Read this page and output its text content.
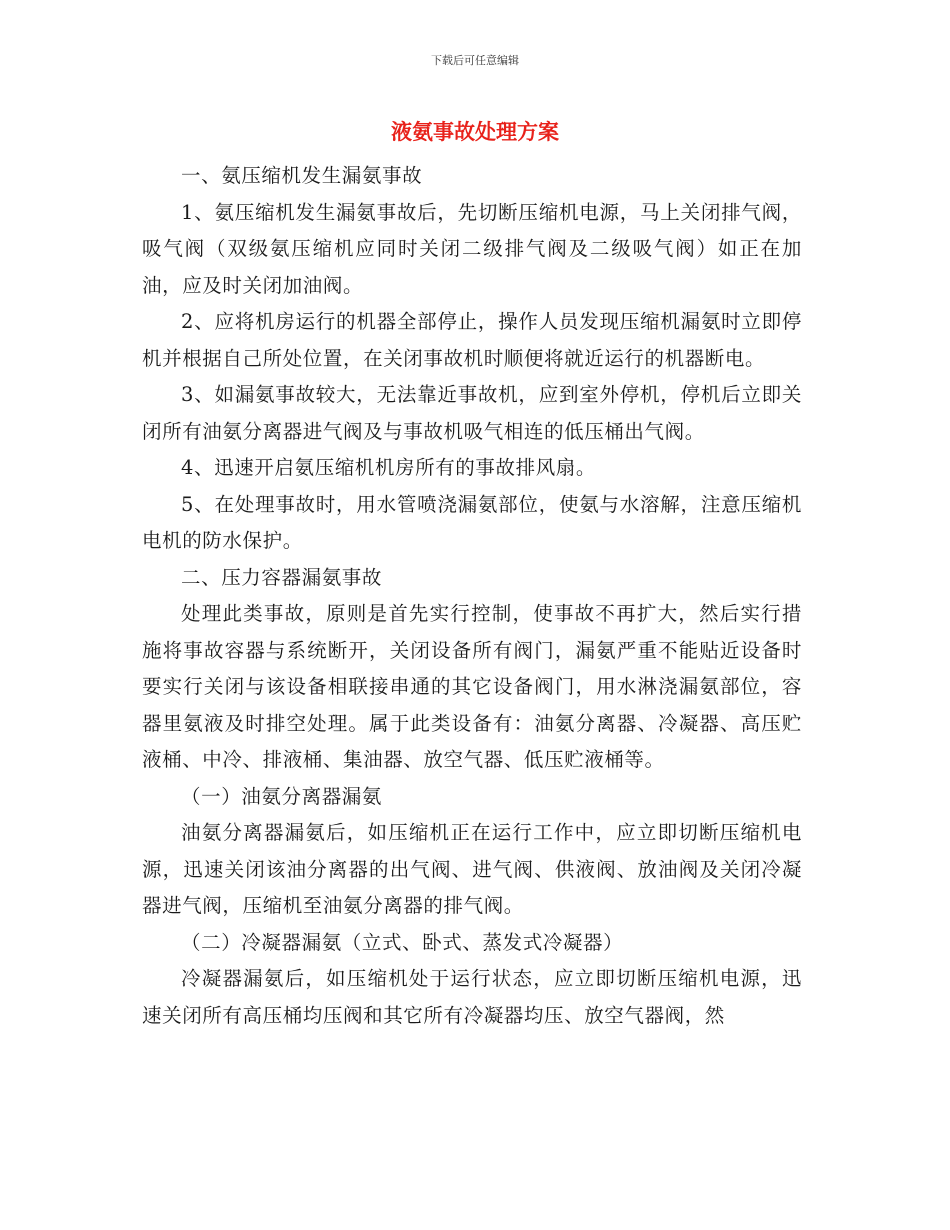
下载后可任意编辑
液氨事故处理方案

一、氨压缩机发生漏氨事故

1、氨压缩机发生漏氨事故后，先切断压缩机电源，马上关闭排气阀，吸气阀（双级氨压缩机应同时关闭二级排气阀及二级吸气阀）如正在加油，应及时关闭加油阀。

2、应将机房运行的机器全部停止，操作人员发现压缩机漏氨时立即停机并根据自己所处位置，在关闭事故机时顺便将就近运行的机器断电。

3、如漏氨事故较大，无法靠近事故机，应到室外停机，停机后立即关闭所有油氨分离器进气阀及与事故机吸气相连的低压桶出气阀。

4、迅速开启氨压缩机机房所有的事故排风扇。

5、在处理事故时，用水管喷浇漏氨部位，使氨与水溶解，注意压缩机电机的防水保护。

二、压力容器漏氨事故

处理此类事故，原则是首先实行控制，使事故不再扩大，然后实行措施将事故容器与系统断开，关闭设备所有阀门，漏氨严重不能贴近设备时要实行关闭与该设备相联接串通的其它设备阀门，用水淋浇漏氨部位，容器里氨液及时排空处理。属于此类设备有：油氨分离器、冷凝器、高压贮液桶、中冷、排液桶、集油器、放空气器、低压贮液桶等。

（一）油氨分离器漏氨

油氨分离器漏氨后，如压缩机正在运行工作中，应立即切断压缩机电源，迅速关闭该油分离器的出气阀、进气阀、供液阀、放油阀及关闭冷凝器进气阀，压缩机至油氨分离器的排气阀。

（二）冷凝器漏氨（立式、卧式、蒸发式冷凝器）

冷凝器漏氨后，如压缩机处于运行状态，应立即切断压缩机电源，迅速关闭所有高压桶均压阀和其它所有冷凝器均压、放空气器阀，然
